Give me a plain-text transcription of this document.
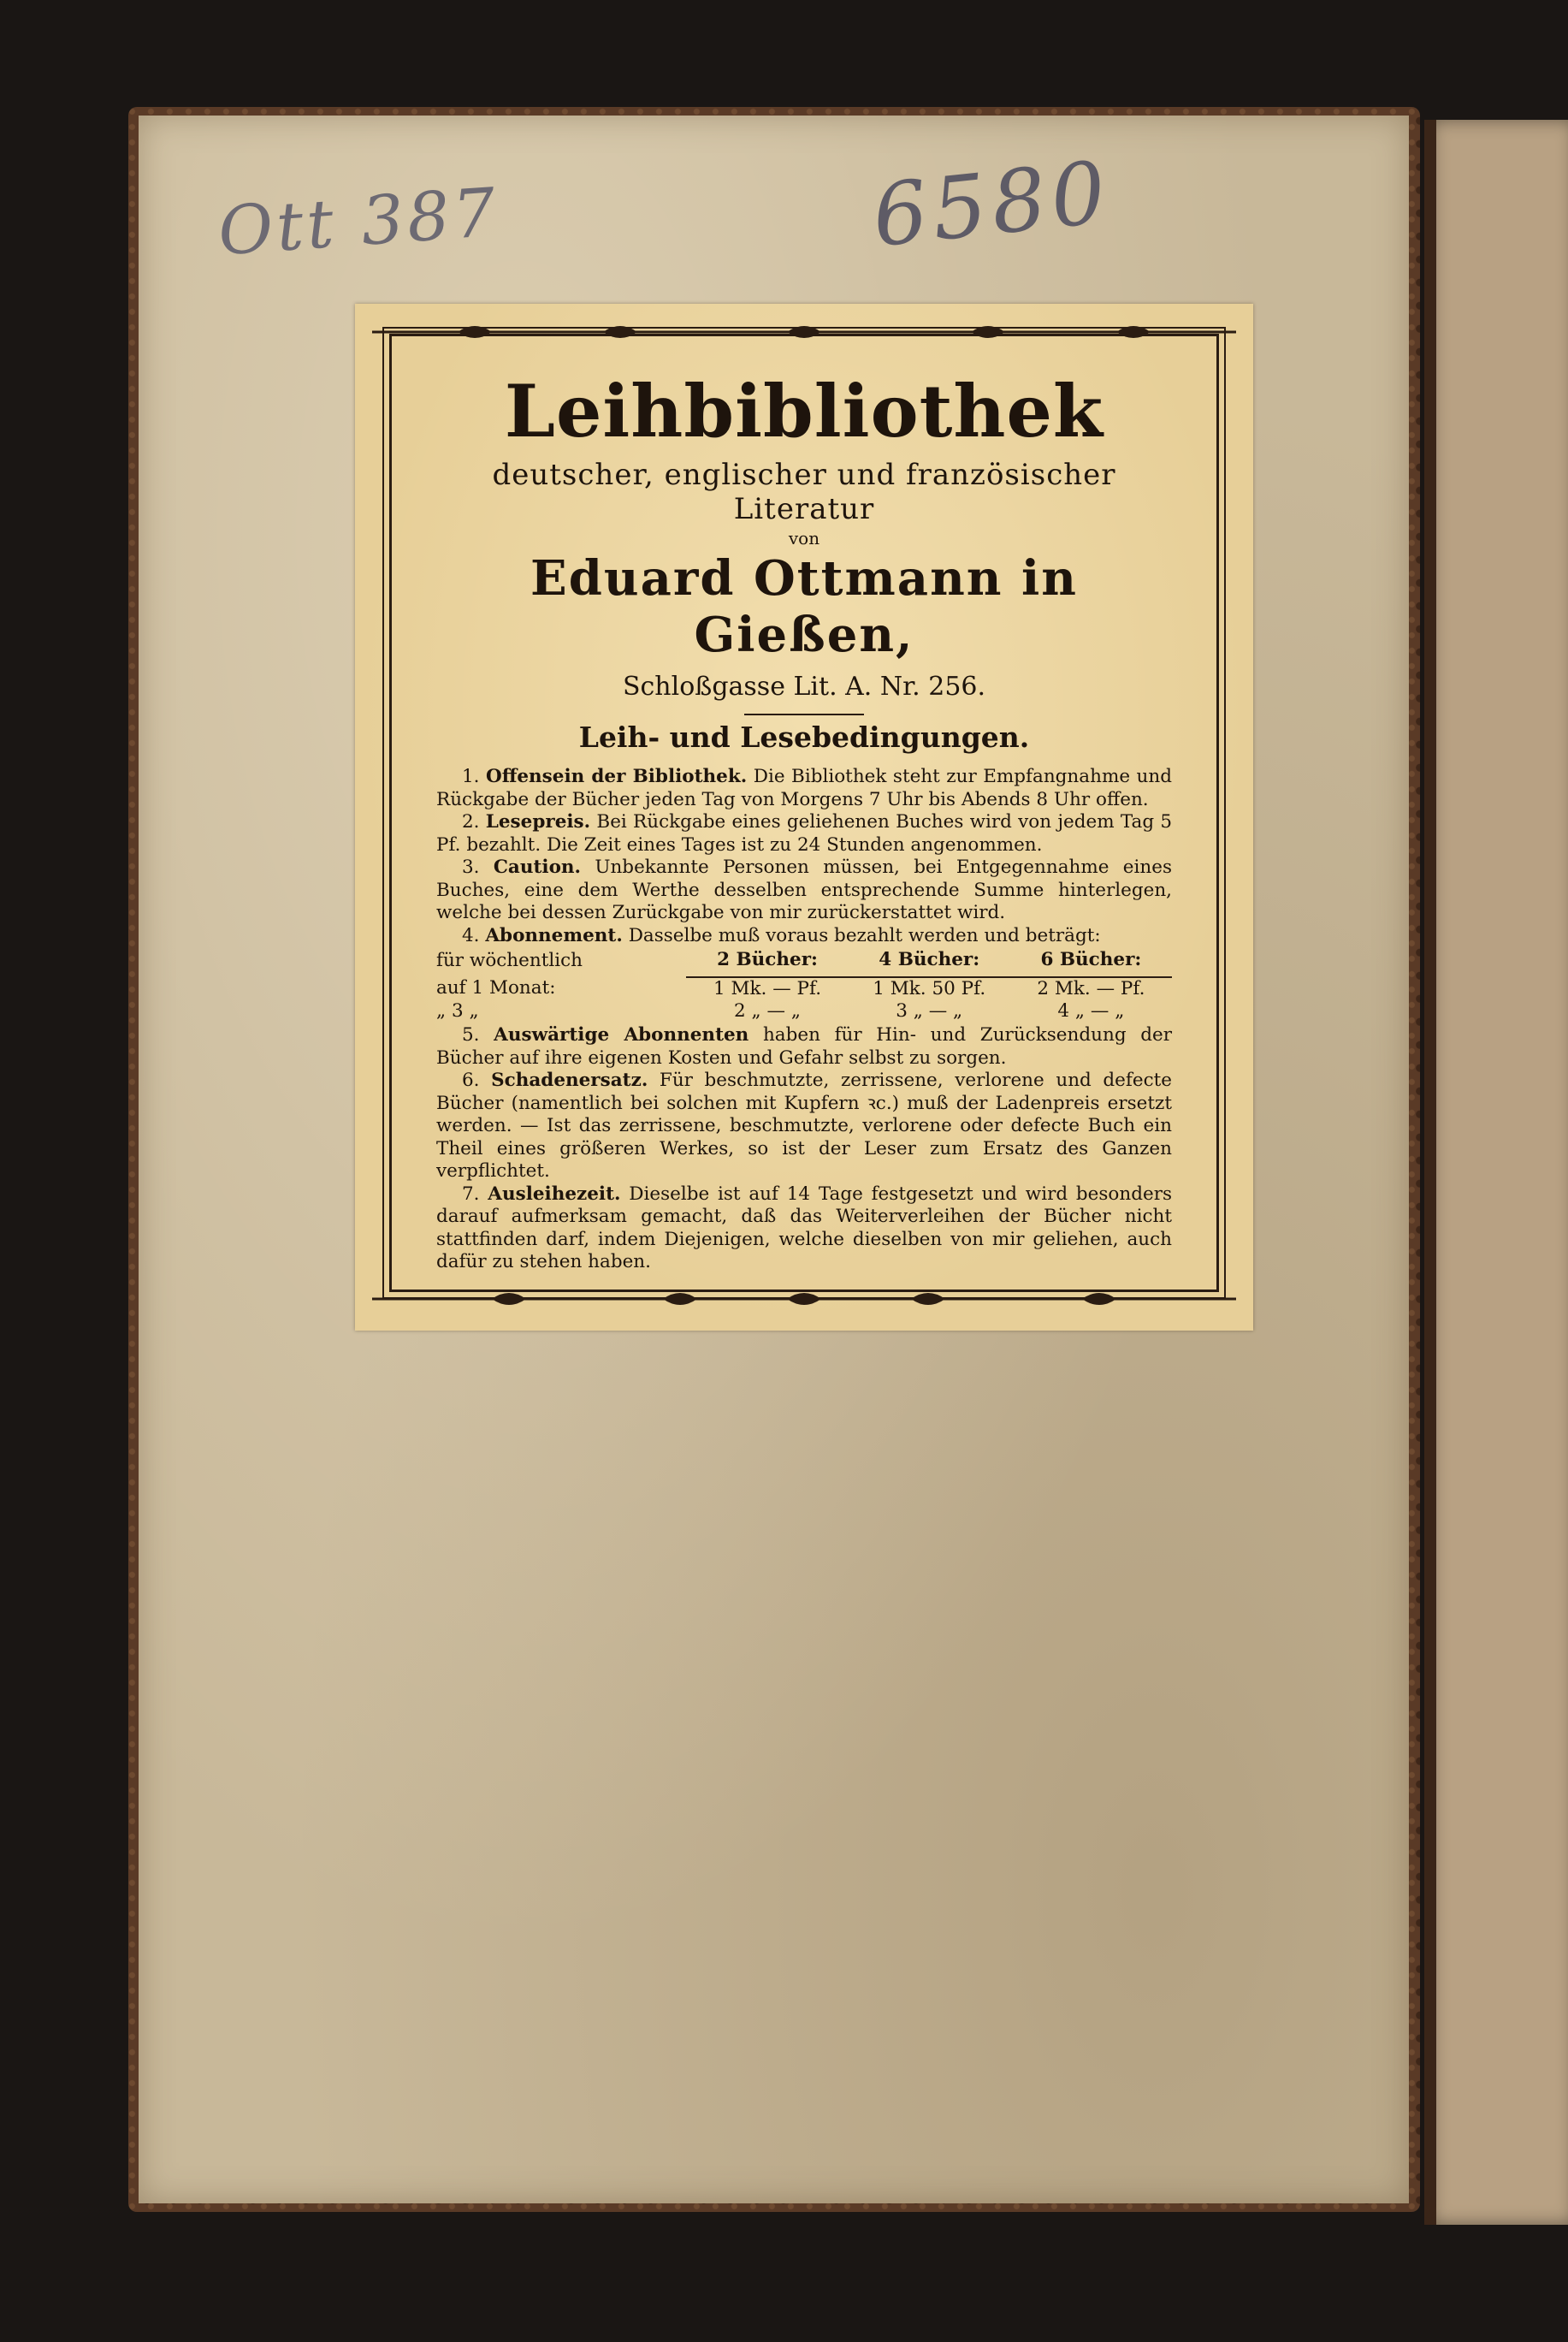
Ott 387	6580
Leihbibliothek
deutscher, englischer und französischer Literatur
von
Eduard Ottmann in Gießen,
Schloßgasse Lit. A. Nr. 256.
Leih- und Lesebedingungen.

1. Offensein der Bibliothek. Die Bibliothek steht zur Empfangnahme und Rückgabe der Bücher jeden Tag von Morgens 7 Uhr bis Abends 8 Uhr offen.

2. Lesepreis. Bei Rückgabe eines geliehenen Buches wird von jedem Tag 5 Pf. bezahlt. Die Zeit eines Tages ist zu 24 Stunden angenommen.

3. Caution. Unbekannte Personen müssen, bei Entgegennahme eines Buches, eine dem Werthe desselben entsprechende Summe hinterlegen, welche bei dessen Zurückgabe von mir zurückerstattet wird.

4. Abonnement. Dasselbe muß voraus bezahlt werden und beträgt:

für wöchentlich	2 Bücher:	4 Bücher:	6 Bücher:
auf 1 Monat:	1 Mk. — Pf.	1 Mk. 50 Pf.	2 Mk. — Pf.
„ 3 „	2 „ — „	3 „ — „	4 „ — „

5. Auswärtige Abonnenten haben für Hin- und Zurücksendung der Bücher auf ihre eigenen Kosten und Gefahr selbst zu sorgen.

6. Schadenersatz. Für beschmutzte, zerrissene, verlorene und defecte Bücher (namentlich bei solchen mit Kupfern ꝛc.) muß der Ladenpreis ersetzt werden. — Ist das zerrissene, beschmutzte, verlorene oder defecte Buch ein Theil eines größeren Werkes, so ist der Leser zum Ersatz des Ganzen verpflichtet.

7. Ausleihezeit. Dieselbe ist auf 14 Tage festgesetzt und wird besonders darauf aufmerksam gemacht, daß das Weiterverleihen der Bücher nicht stattfinden darf, indem Diejenigen, welche dieselben von mir geliehen, auch dafür zu stehen haben.
